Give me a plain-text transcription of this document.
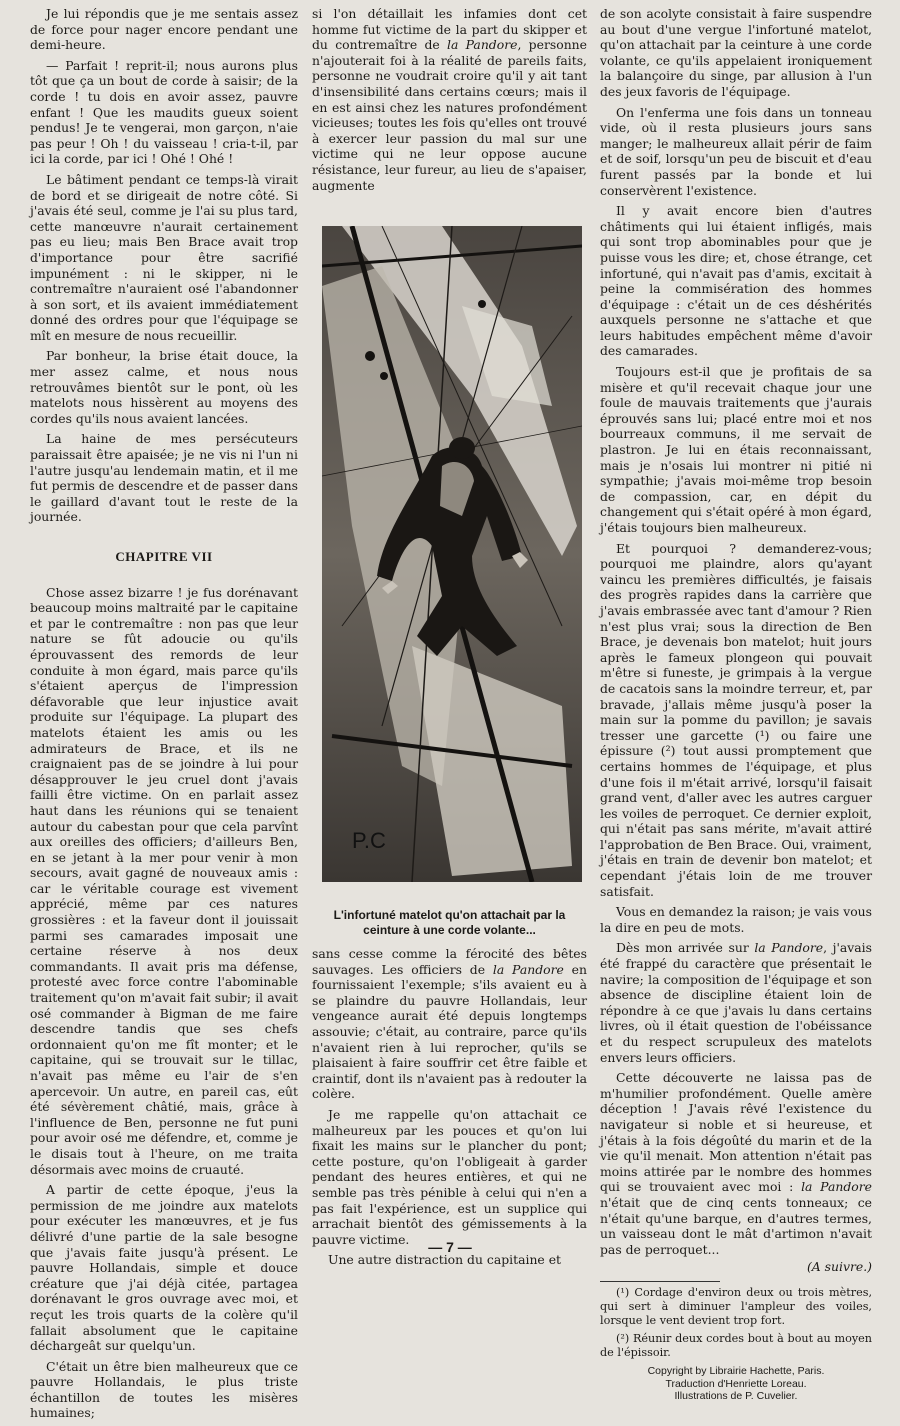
Je lui répondis que je me sentais assez de force pour nager encore pendant une demi-heure.

— Parfait ! reprit-il; nous aurons plus tôt que ça un bout de corde à saisir; de la corde ! tu dois en avoir assez, pauvre enfant ! Que les maudits gueux soient pendus! Je te vengerai, mon garçon, n'aie pas peur ! Oh ! du vaisseau ! cria-t-il, par ici la corde, par ici ! Ohé ! Ohé !

Le bâtiment pendant ce temps-là virait de bord et se dirigeait de notre côté. Si j'avais été seul, comme je l'ai su plus tard, cette manœuvre n'aurait certainement pas eu lieu; mais Ben Brace avait trop d'importance pour être sacrifié impunément : ni le skipper, ni le contremaître n'auraient osé l'abandonner à son sort, et ils avaient immédiatement donné des ordres pour que l'équipage se mît en mesure de nous recueillir.

Par bonheur, la brise était douce, la mer assez calme, et nous nous retrouvâmes bientôt sur le pont, où les matelots nous hissèrent au moyens des cordes qu'ils nous avaient lancées.

La haine de mes persécuteurs paraissait être apaisée; je ne vis ni l'un ni l'autre jusqu'au lendemain matin, et il me fut permis de descendre et de passer dans le gaillard d'avant tout le reste de la journée.

CHAPITRE VII

Chose assez bizarre ! je fus dorénavant beaucoup moins maltraité par le capitaine et par le contremaître : non pas que leur nature se fût adoucie ou qu'ils éprouvassent des remords de leur conduite à mon égard, mais parce qu'ils s'étaient aperçus de l'impression défavorable que leur injustice avait produite sur l'équipage. La plupart des matelots étaient les amis ou les admirateurs de Brace, et ils ne craignaient pas de se joindre à lui pour désapprouver le jeu cruel dont j'avais failli être victime. On en parlait assez haut dans les réunions qui se tenaient autour du cabestan pour que cela parvînt aux oreilles des officiers; d'ailleurs Ben, en se jetant à la mer pour venir à mon secours, avait gagné de nouveaux amis : car le véritable courage est vivement apprécié, même par ces natures grossières : et la faveur dont il jouissait parmi ses camarades imposait une certaine réserve à nos deux commandants. Il avait pris ma défense, protesté avec force contre l'abominable traitement qu'on m'avait fait subir; il avait osé commander à Bigman de me faire descendre tandis que ses chefs ordonnaient qu'on me fît monter; et le capitaine, qui se trouvait sur le tillac, n'avait pas même eu l'air de s'en apercevoir. Un autre, en pareil cas, eût été sévèrement châtié, mais, grâce à l'influence de Ben, personne ne fut puni pour avoir osé me défendre, et, comme je le disais tout à l'heure, on me traita désormais avec moins de cruauté.

A partir de cette époque, j'eus la permission de me joindre aux matelots pour exécuter les manœuvres, et je fus délivré d'une partie de la sale besogne que j'avais faite jusqu'à présent. Le pauvre Hollandais, simple et douce créature que j'ai déjà citée, partagea dorénavant le gros ouvrage avec moi, et reçut les trois quarts de la colère qu'il fallait absolument que le capitaine déchargeât sur quelqu'un.

C'était un être bien malheureux que ce pauvre Hollandais, le plus triste échantillon de toutes les misères humaines;

si l'on détaillait les infamies dont cet homme fut victime de la part du skipper et du contremaître de la Pandore, personne n'ajouterait foi à la réalité de pareils faits, personne ne voudrait croire qu'il y ait tant d'insensibilité dans certains cœurs; mais il en est ainsi chez les natures profondément vicieuses; toutes les fois qu'elles ont trouvé à exercer leur passion du mal sur une victime qui ne leur oppose aucune résistance, leur fureur, au lieu de s'apaiser, augmente

P.C
L'infortuné matelot qu'on attachait par la ceinture à une corde volante...

sans cesse comme la férocité des bêtes sauvages. Les officiers de la Pandore en fournissaient l'exemple; s'ils avaient eu à se plaindre du pauvre Hollandais, leur vengeance aurait été depuis longtemps assouvie; c'était, au contraire, parce qu'ils n'avaient rien à lui reprocher, qu'ils se plaisaient à faire souffrir cet être faible et craintif, dont ils n'avaient pas à redouter la colère.

Je me rappelle qu'on attachait ce malheureux par les pouces et qu'on lui fixait les mains sur le plancher du pont; cette posture, qu'on l'obligeait à garder pendant des heures entières, et qui ne semble pas très pénible à celui qui n'en a pas fait l'expérience, est un supplice qui arrachait bientôt des gémissements à la pauvre victime.

Une autre distraction du capitaine et

de son acolyte consistait à faire suspendre au bout d'une vergue l'infortuné matelot, qu'on attachait par la ceinture à une corde volante, ce qu'ils appelaient ironiquement la balançoire du singe, par allusion à l'un des jeux favoris de l'équipage.

On l'enferma une fois dans un tonneau vide, où il resta plusieurs jours sans manger; le malheureux allait périr de faim et de soif, lorsqu'un peu de biscuit et d'eau furent passés par la bonde et lui conservèrent l'existence.

Il y avait encore bien d'autres châtiments qui lui étaient infligés, mais qui sont trop abominables pour que je puisse vous les dire; et, chose étrange, cet infortuné, qui n'avait pas d'amis, excitait à peine la commisération des hommes d'équipage : c'était un de ces déshérités auxquels personne ne s'attache et que leurs habitudes empêchent même d'avoir des camarades.

Toujours est-il que je profitais de sa misère et qu'il recevait chaque jour une foule de mauvais traitements que j'aurais éprouvés sans lui; placé entre moi et nos bourreaux communs, il me servait de plastron. Je lui en étais reconnaissant, mais je n'osais lui montrer ni pitié ni sympathie; j'avais moi-même trop besoin de compassion, car, en dépit du changement qui s'était opéré à mon égard, j'étais toujours bien malheureux.

Et pourquoi ? demanderez-vous; pourquoi me plaindre, alors qu'ayant vaincu les premières difficultés, je faisais des progrès rapides dans la carrière que j'avais embrassée avec tant d'amour ? Rien n'est plus vrai; sous la direction de Ben Brace, je devenais bon matelot; huit jours après le fameux plongeon qui pouvait m'être si funeste, je grimpais à la vergue de cacatois sans la moindre terreur, et, par bravade, j'allais même jusqu'à poser la main sur la pomme du pavillon; je savais tresser une garcette (¹) ou faire une épissure (²) tout aussi promptement que certains hommes de l'équipage, et plus d'une fois il m'était arrivé, lorsqu'il faisait grand vent, d'aller avec les autres carguer les voiles de perroquet. Ce dernier exploit, qui n'était pas sans mérite, m'avait attiré l'approbation de Ben Brace. Oui, vraiment, j'étais en train de devenir bon matelot; et cependant j'étais loin de me trouver satisfait.

Vous en demandez la raison; je vais vous la dire en peu de mots.

Dès mon arrivée sur la Pandore, j'avais été frappé du caractère que présentait le navire; la composition de l'équipage et son absence de discipline étaient loin de répondre à ce que j'avais lu dans certains livres, où il était question de l'obéissance et du respect scrupuleux des matelots envers leurs officiers.

Cette découverte ne laissa pas de m'humilier profondément. Quelle amère déception ! J'avais rêvé l'existence du navigateur si noble et si heureuse, et j'étais à la fois dégoûté du marin et de la vie qu'il menait. Mon attention n'était pas moins attirée par le nombre des hommes qui se trouvaient avec moi : la Pandore n'était que de cinq cents tonneaux; ce n'était qu'une barque, en d'autres termes, un vaisseau dont le mât d'artimon n'avait pas de perroquet...

(A suivre.)

(¹) Cordage d'environ deux ou trois mètres, qui sert à diminuer l'ampleur des voiles, lorsque le vent devient trop fort.

(²) Réunir deux cordes bout à bout au moyen de l'épissoir.

Copyright by Librairie Hachette, Paris.
Traduction d'Henriette Loreau.
Illustrations de P. Cuvelier.
— 7 —
